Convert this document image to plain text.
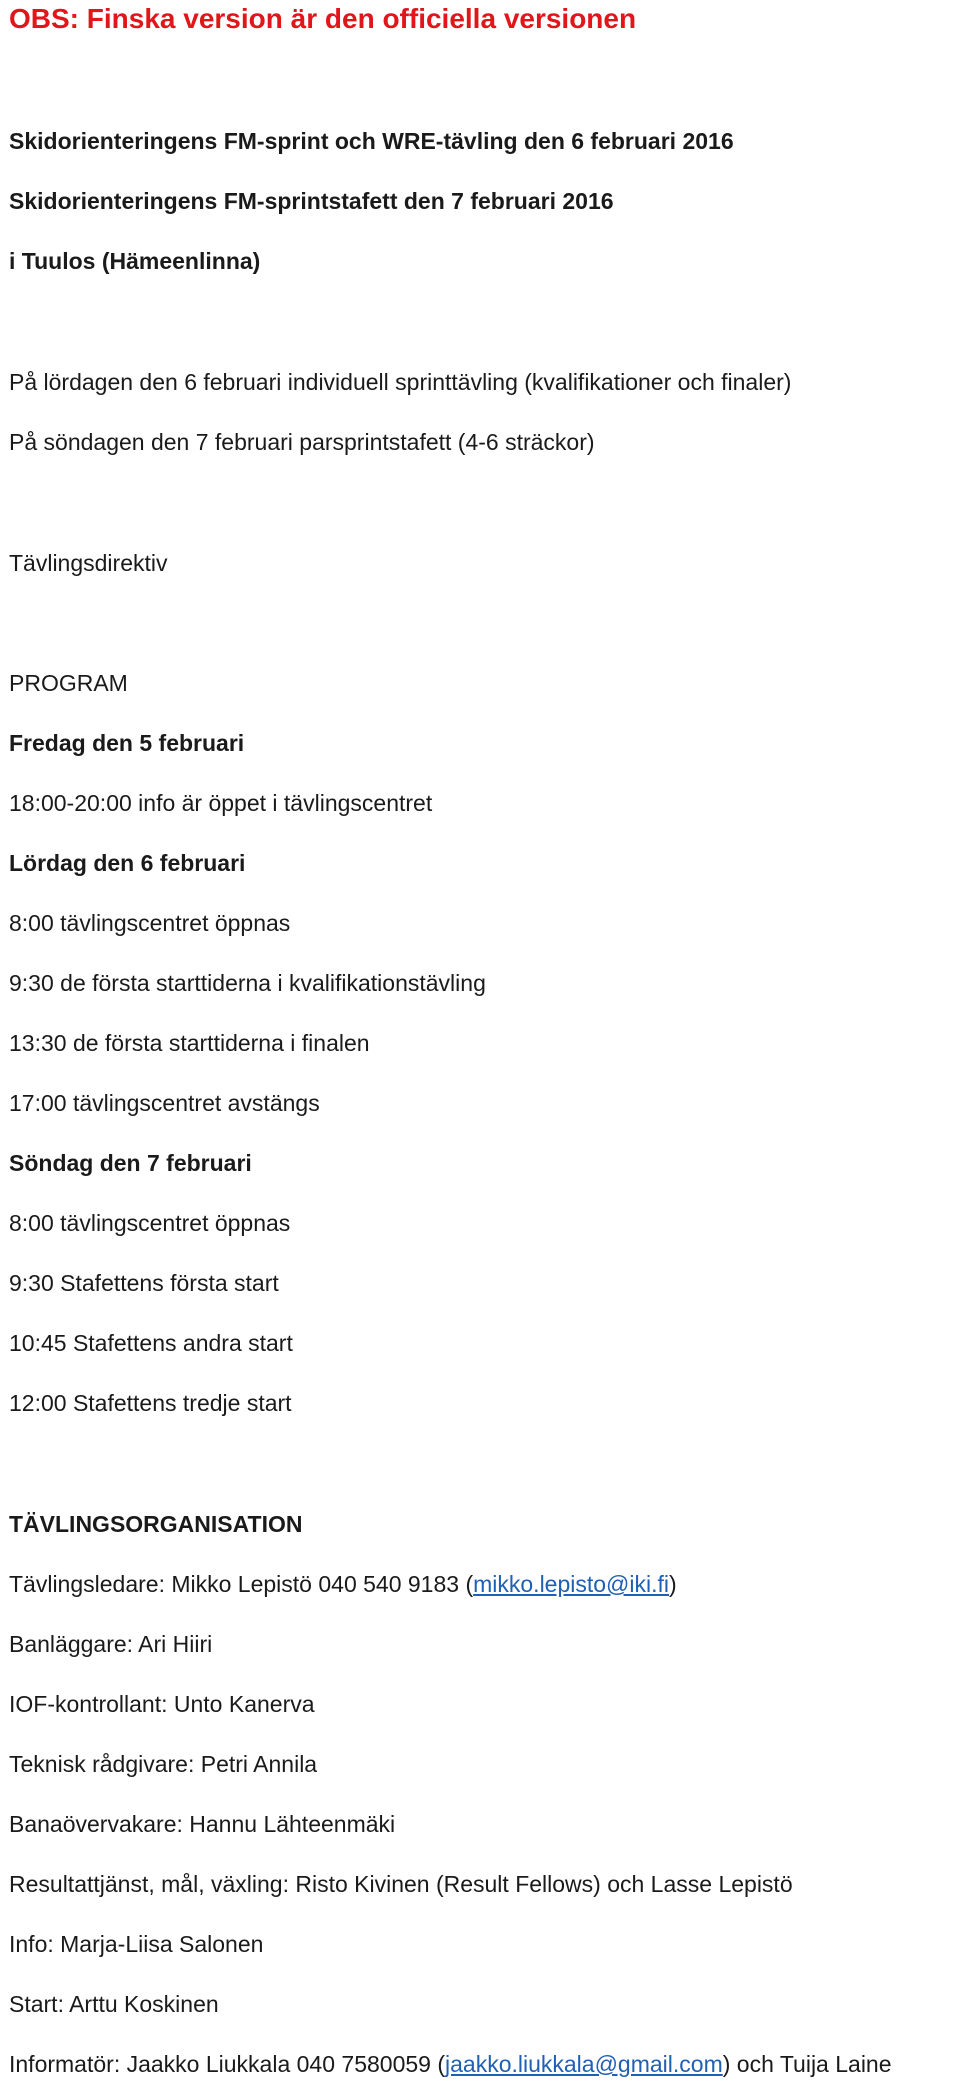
OBS: Finska version är den officiella versionen

Skidorienteringens FM-sprint och WRE-tävling den 6 februari 2016

Skidorienteringens FM-sprintstafett den 7 februari 2016

i Tuulos (Hämeenlinna)

På lördagen den 6 februari individuell sprinttävling (kvalifikationer och finaler)

På söndagen den 7 februari parsprintstafett (4-6 sträckor)

Tävlingsdirektiv

PROGRAM

Fredag den 5 februari

18:00-20:00 info är öppet i tävlingscentret

Lördag den 6 februari

8:00 tävlingscentret öppnas

9:30 de första starttiderna i kvalifikationstävling

13:30 de första starttiderna i finalen

17:00 tävlingscentret avstängs

Söndag den 7 februari

8:00 tävlingscentret öppnas

9:30 Stafettens första start

10:45 Stafettens andra start

12:00 Stafettens tredje start

TÄVLINGSORGANISATION

Tävlingsledare: Mikko Lepistö 040 540 9183 (mikko.lepisto@iki.fi)

Banläggare: Ari Hiiri

IOF-kontrollant: Unto Kanerva

Teknisk rådgivare: Petri Annila

Banaövervakare: Hannu Lähteenmäki

Resultattjänst, mål, växling: Risto Kivinen (Result Fellows) och Lasse Lepistö

Info: Marja-Liisa Salonen

Start: Arttu Koskinen

Informatör: Jaakko Liukkala 040 7580059 (jaakko.liukkala@gmail.com) och Tuija Laine
